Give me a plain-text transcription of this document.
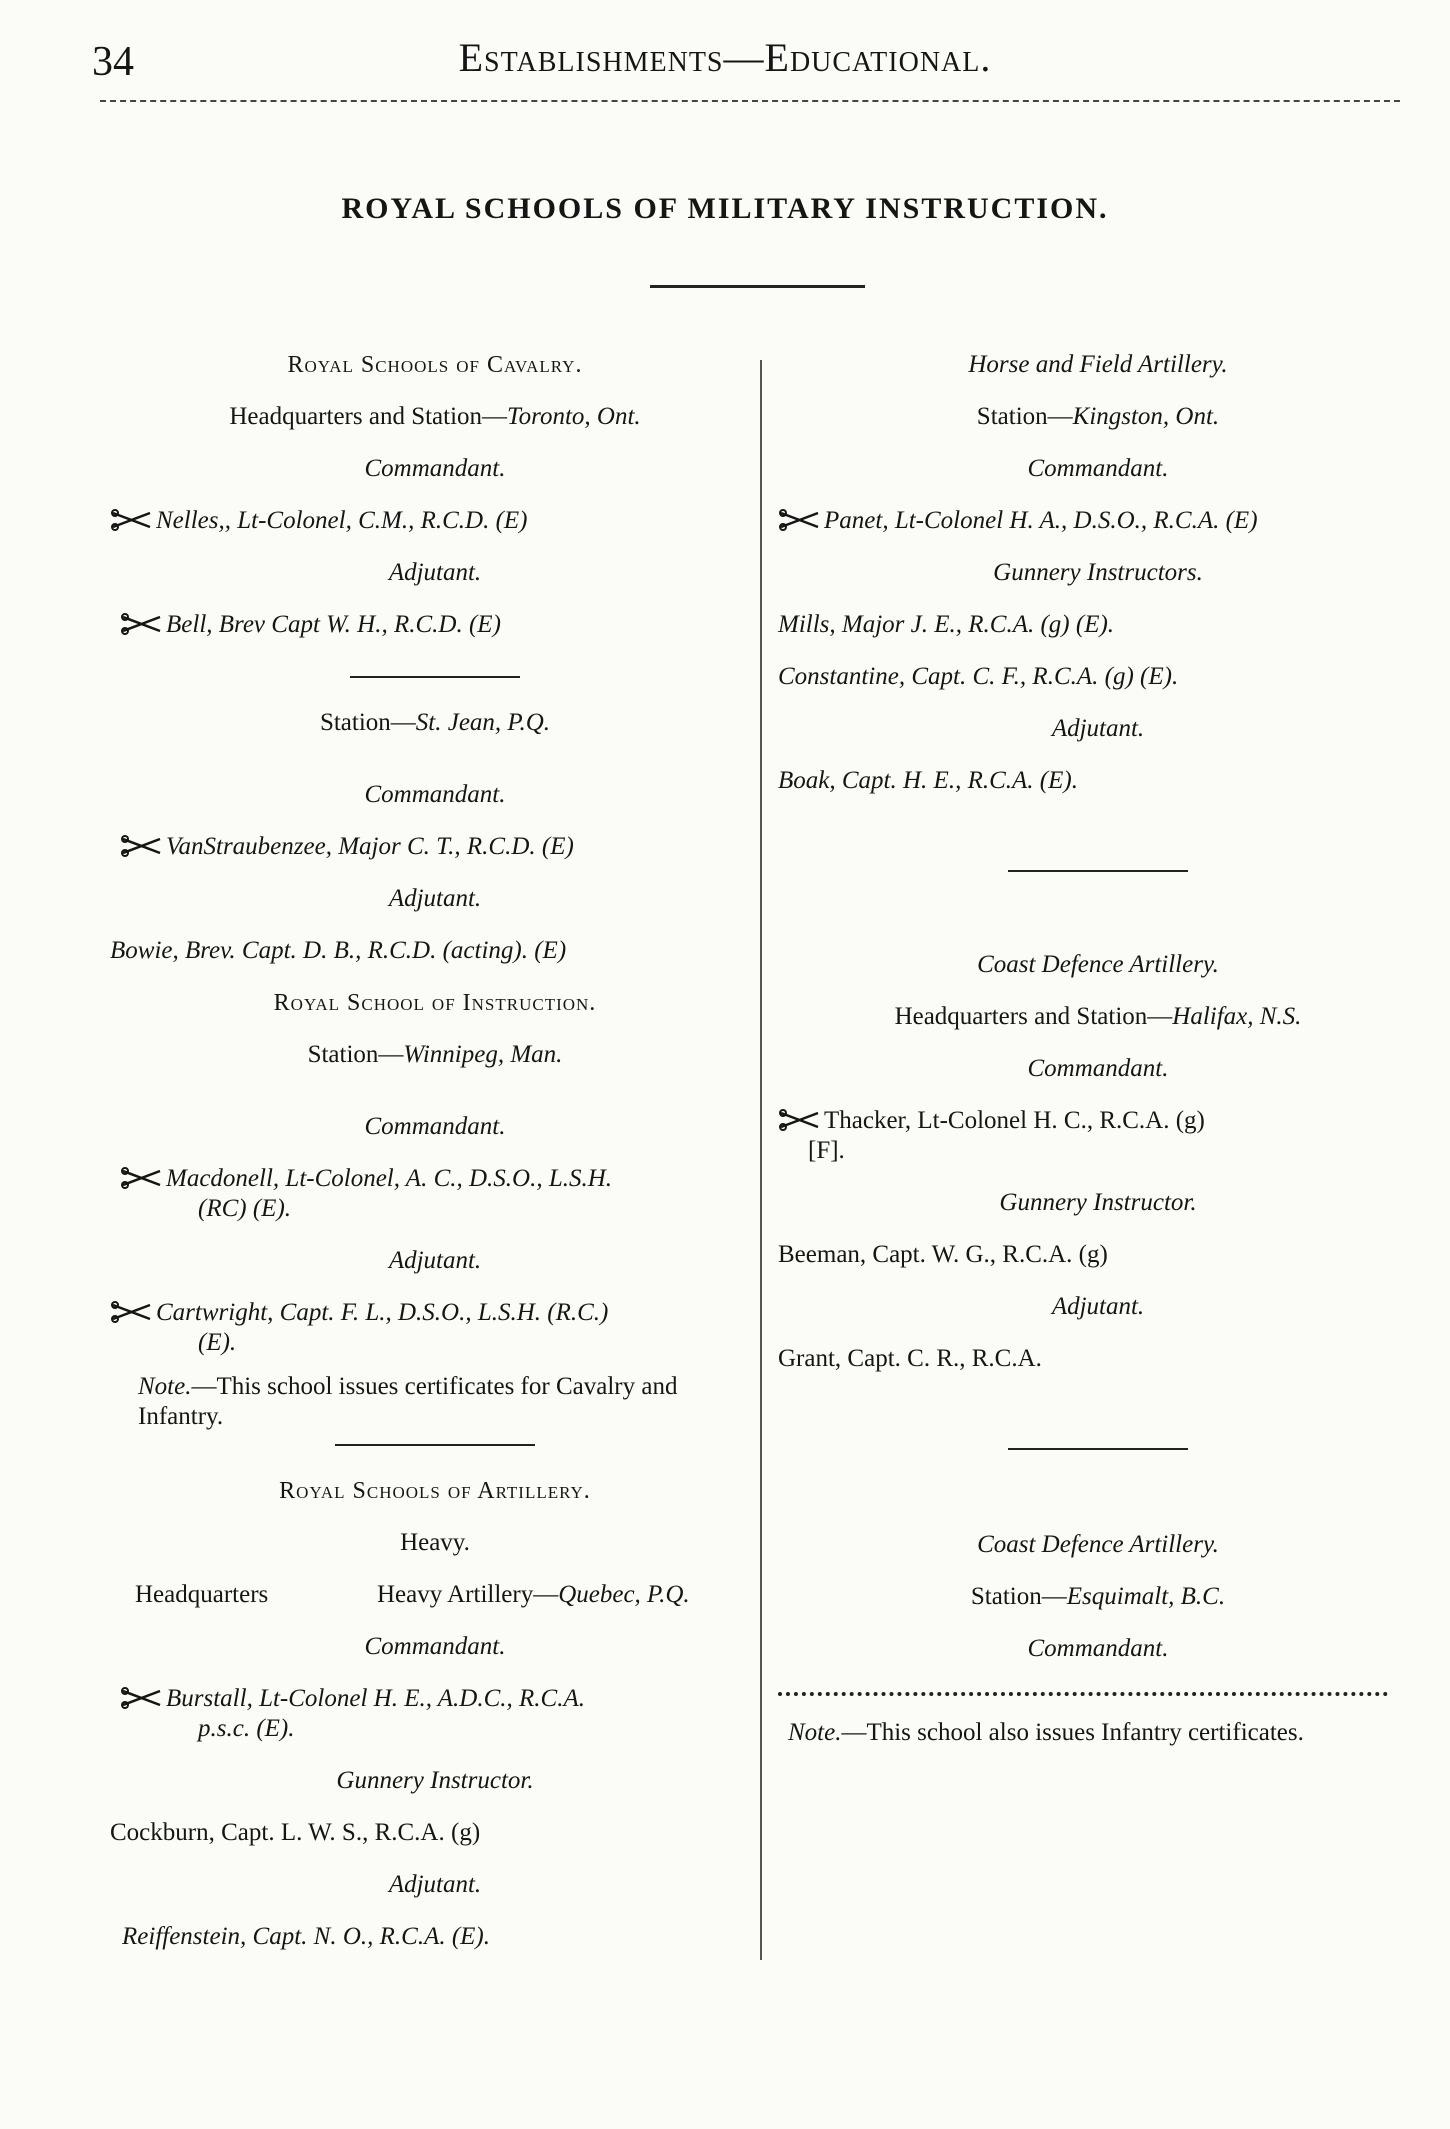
34	Establishments—Educational.
ROYAL SCHOOLS OF MILITARY INSTRUCTION.
Royal Schools of Cavalry.
Headquarters and Station—Toronto, Ont.
Commandant.
Nelles,, Lt-Colonel, C.M., R.C.D. (E)
Adjutant.
Bell, Brev Capt W. H., R.C.D. (E)
Station—St. Jean, P.Q.
Commandant.
VanStraubenzee, Major C. T., R.C.D. (E)
Adjutant.
Bowie, Brev. Capt. D. B., R.C.D. (acting). (E)
Royal School of Instruction.
Station—Winnipeg, Man.
Commandant.
Macdonell, Lt-Colonel, A. C., D.S.O., L.S.H.
(RC) (E).
Adjutant.
Cartwright, Capt. F. L., D.S.O., L.S.H. (R.C.)
(E).
Note.—This school issues certificates for Cavalry and Infantry.
Royal Schools of Artillery.
Heavy.
Headquarters	Heavy Artillery—Quebec, P.Q.
Commandant.
Burstall, Lt-Colonel H. E., A.D.C., R.C.A.
p.s.c. (E).
Gunnery Instructor.
Cockburn, Capt. L. W. S., R.C.A. (g)
Adjutant.
Reiffenstein, Capt. N. O., R.C.A. (E).
Horse and Field Artillery.
Station—Kingston, Ont.
Commandant.
Panet, Lt-Colonel H. A., D.S.O., R.C.A. (E)
Gunnery Instructors.
Mills, Major J. E., R.C.A. (g) (E).
Constantine, Capt. C. F., R.C.A. (g) (E).
Adjutant.
Boak, Capt. H. E., R.C.A. (E).
Coast Defence Artillery.
Headquarters and Station—Halifax, N.S.
Commandant.
Thacker, Lt-Colonel H. C., R.C.A. (g)
[F].
Gunnery Instructor.
Beeman, Capt. W. G., R.C.A. (g)
Adjutant.
Grant, Capt. C. R., R.C.A.
Coast Defence Artillery.
Station—Esquimalt, B.C.
Commandant.
Note.—This school also issues Infantry certificates.
